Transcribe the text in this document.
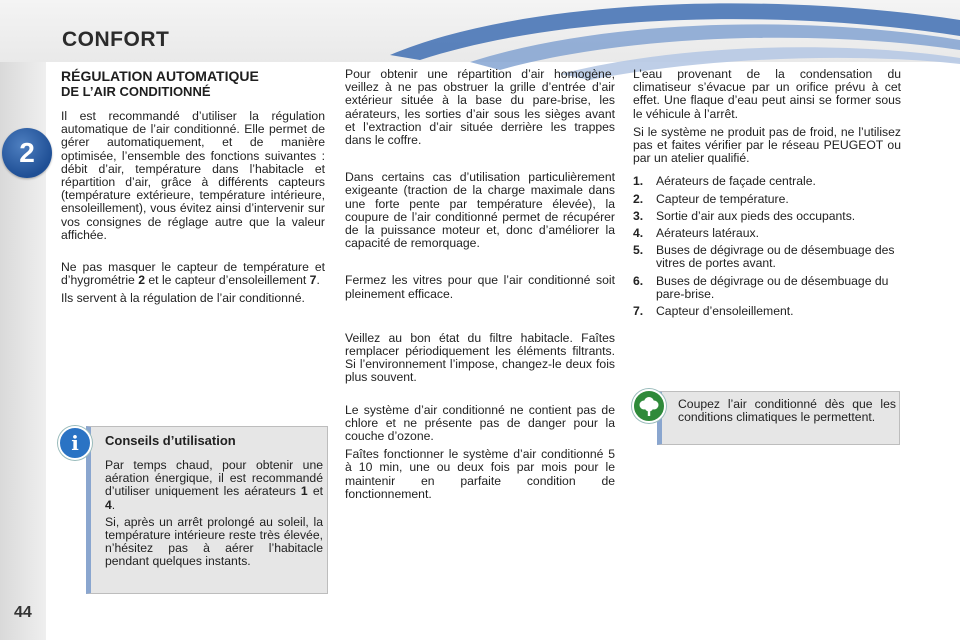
CONFORT
2
44
RÉGULATION AUTOMATIQUE
DE L’AIR CONDITIONNÉ

Il est recommandé d’utiliser la régulation automatique de l’air conditionné. Elle permet de gérer automatiquement, et de manière optimisée, l’ensemble des fonctions suivantes : débit d’air, température dans l’habitacle et répartition d’air, grâce à différents capteurs (température extérieure, température intérieure, ensoleillement), vous évitez ainsi d’intervenir sur vos consignes de réglage autre que la valeur affichée.

Ne pas masquer le capteur de température et d’hygrométrie 2 et le capteur d’ensoleillement 7.

Ils servent à la régulation de l’air conditionné.

Conseils d’utilisation

Par temps chaud, pour obtenir une aération énergique, il est recommandé d’utiliser uniquement les aérateurs 1 et 4.

Si, après un arrêt prolongé au soleil, la température intérieure reste très élevée, n’hésitez pas à aérer l’habitacle pendant quelques instants.

i

Pour obtenir une répartition d’air homogène, veillez à ne pas obstruer la grille d’entrée d’air extérieur située à la base du pare-brise, les aérateurs, les sorties d’air sous les sièges avant et l’extraction d’air située derrière les trappes dans le coffre.

Dans certains cas d’utilisation particulièrement exigeante (traction de la charge maximale dans une forte pente par température élevée), la coupure de l’air conditionné permet de récupérer de la puissance moteur et, donc d’améliorer la capacité de remorquage.

Fermez les vitres pour que l’air conditionné soit pleinement efficace.

Veillez au bon état du filtre habitacle. Faîtes remplacer périodiquement les éléments filtrants. Si l’environnement l’impose, changez-le deux fois plus souvent.

Le système d’air conditionné ne contient pas de chlore et ne présente pas de danger pour la couche d’ozone.

Faîtes fonctionner le système d’air conditionné 5 à 10 min, une ou deux fois par mois pour le maintenir en parfaite condition de fonctionnement.

L’eau provenant de la condensation du climatiseur s’évacue par un orifice prévu à cet effet. Une flaque d’eau peut ainsi se former sous le véhicule à l’arrêt.

Si le système ne produit pas de froid, ne l’utilisez pas et faites vérifier par le réseau PEUGEOT ou par un atelier qualifié.

1.	Aérateurs de façade centrale.
2.	Capteur de température.
3.	Sortie d’air aux pieds des occupants.
4.	Aérateurs latéraux.
5.	Buses de dégivrage ou de désembuage des vitres de portes avant.
6.	Buses de dégivrage ou de désembuage du pare-brise.
7.	Capteur d’ensoleillement.
Coupez l’air conditionné dès que les conditions climatiques le permettent.
